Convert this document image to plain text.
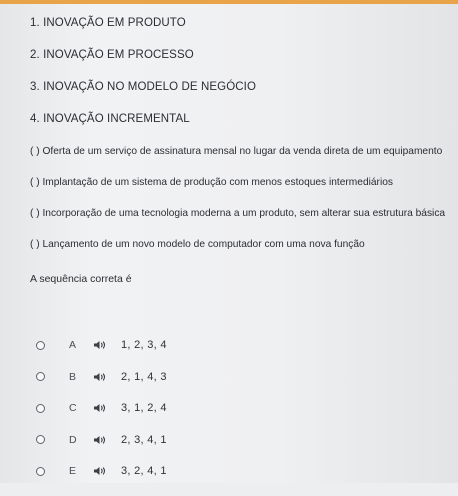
1. INOVAÇÃO EM PRODUTO
2. INOVAÇÃO EM PROCESSO
3. INOVAÇÃO NO MODELO DE NEGÓCIO
4. INOVAÇÃO INCREMENTAL
( ) Oferta de um serviço de assinatura mensal no lugar da venda direta de um equipamento
( ) Implantação de um sistema de produção com menos estoques intermediários
( ) Incorporação de uma tecnologia moderna a um produto, sem alterar sua estrutura básica
( ) Lançamento de um novo modelo de computador com uma nova função
A sequência correta é
A	1, 2, 3, 4
B	2, 1, 4, 3
C	3, 1, 2, 4
D	2, 3, 4, 1
E	3, 2, 4, 1
